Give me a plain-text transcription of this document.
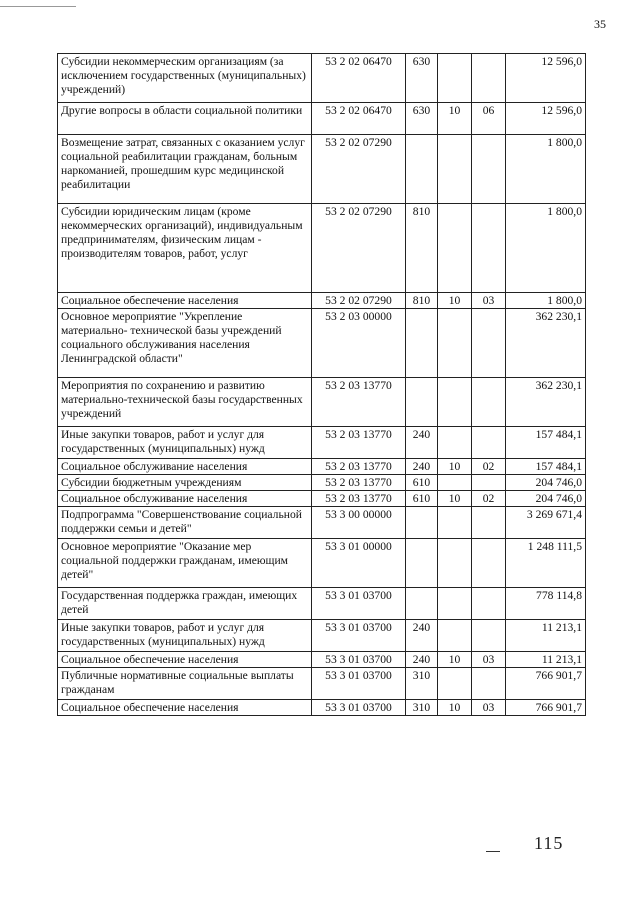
35
Субсидии некоммерческим организациям (за исключением государственных (муниципальных) учреждений)	53 2 02 06470	630			12 596,0
Другие вопросы в области социальной политики	53 2 02 06470	630	10	06	12 596,0
Возмещение затрат, связанных с оказанием услуг социальной реабилитации гражданам, больным наркоманией, прошедшим курс медицинской реабилитации	53 2 02 07290				1 800,0
Субсидии юридическим лицам (кроме некоммерческих организаций), индивидуальным предпринимателям, физическим лицам - производителям товаров, работ, услуг	53 2 02 07290	810			1 800,0
Социальное обеспечение населения	53 2 02 07290	810	10	03	1 800,0
Основное мероприятие "Укрепление материально- технической базы учреждений социального обслуживания населения Ленинградской области"	53 2 03 00000				362 230,1
Мероприятия по сохранению и развитию материально-технической базы государственных учреждений	53 2 03 13770				362 230,1
Иные закупки товаров, работ и услуг для государственных (муниципальных) нужд	53 2 03 13770	240			157 484,1
Социальное обслуживание населения	53 2 03 13770	240	10	02	157 484,1
Субсидии бюджетным учреждениям	53 2 03 13770	610			204 746,0
Социальное обслуживание населения	53 2 03 13770	610	10	02	204 746,0
Подпрограмма "Совершенствование социальной поддержки семьи и детей"	53 3 00 00000				3 269 671,4
Основное мероприятие "Оказание мер социальной поддержки гражданам, имеющим детей"	53 3 01 00000				1 248 111,5
Государственная поддержка граждан, имеющих детей	53 3 01 03700				778 114,8
Иные закупки товаров, работ и услуг для государственных (муниципальных) нужд	53 3 01 03700	240			11 213,1
Социальное обеспечение населения	53 3 01 03700	240	10	03	11 213,1
Публичные нормативные социальные выплаты гражданам	53 3 01 03700	310			766 901,7
Социальное обеспечение населения	53 3 01 03700	310	10	03	766 901,7
115
